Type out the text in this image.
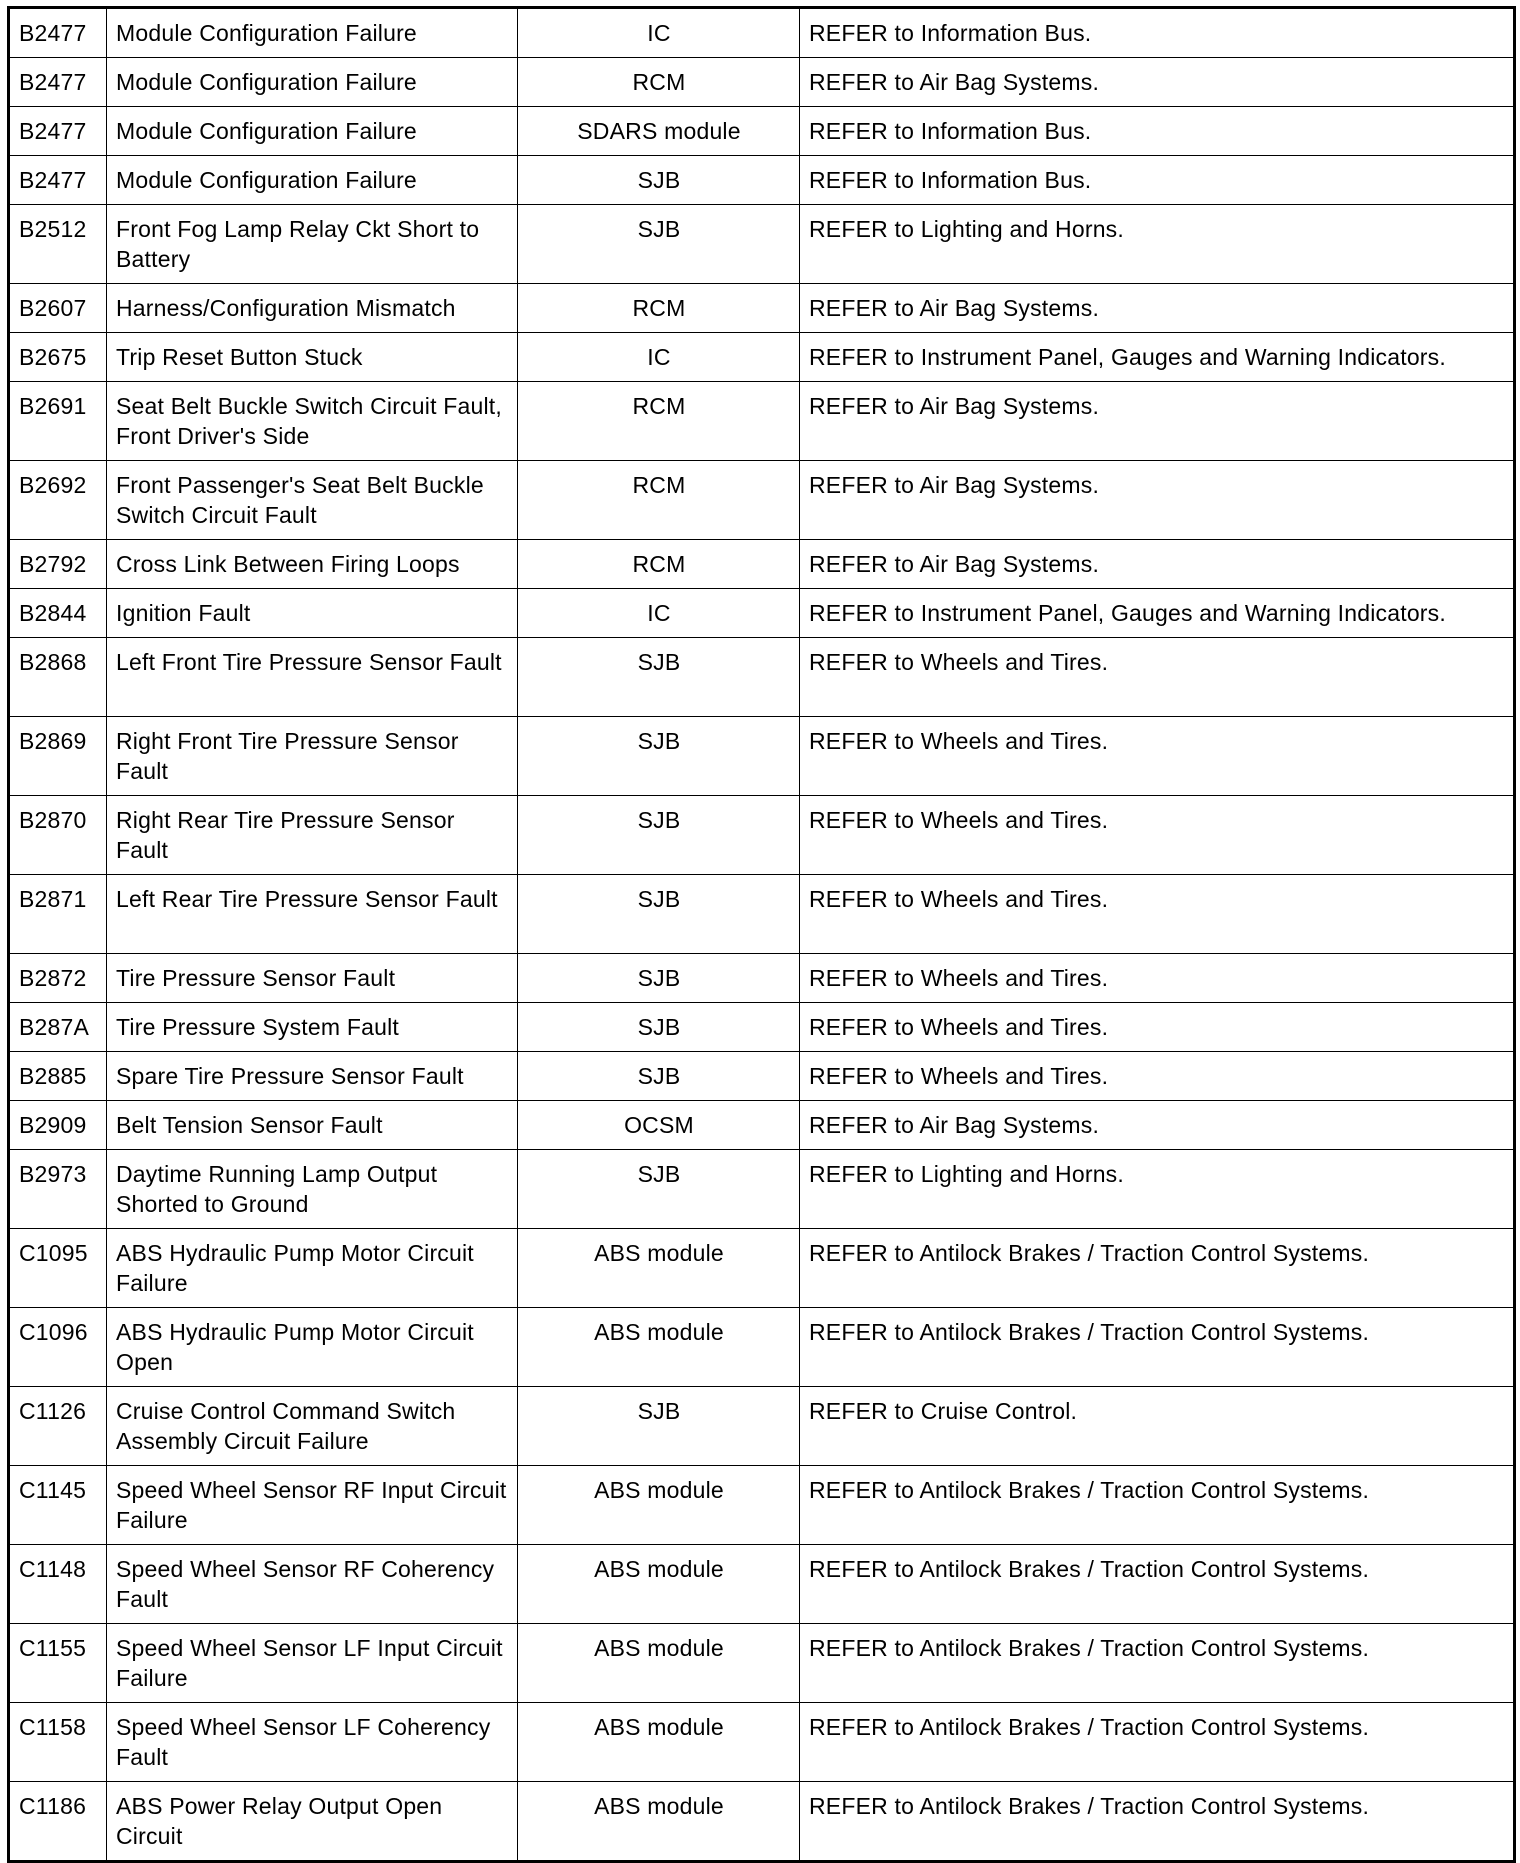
B2477	Module Configuration Failure	IC	REFER to Information Bus.
B2477	Module Configuration Failure	RCM	REFER to Air Bag Systems.
B2477	Module Configuration Failure	SDARS module	REFER to Information Bus.
B2477	Module Configuration Failure	SJB	REFER to Information Bus.
B2512	Front Fog Lamp Relay Ckt Short to Battery	SJB	REFER to Lighting and Horns.
B2607	Harness/Configuration Mismatch	RCM	REFER to Air Bag Systems.
B2675	Trip Reset Button Stuck	IC	REFER to Instrument Panel, Gauges and Warning Indicators.
B2691	Seat Belt Buckle Switch Circuit Fault, Front Driver's Side	RCM	REFER to Air Bag Systems.
B2692	Front Passenger's Seat Belt Buckle Switch Circuit Fault	RCM	REFER to Air Bag Systems.
B2792	Cross Link Between Firing Loops	RCM	REFER to Air Bag Systems.
B2844	Ignition Fault	IC	REFER to Instrument Panel, Gauges and Warning Indicators.
B2868	Left Front Tire Pressure Sensor Fault	SJB	REFER to Wheels and Tires.
B2869	Right Front Tire Pressure Sensor Fault	SJB	REFER to Wheels and Tires.
B2870	Right Rear Tire Pressure Sensor Fault	SJB	REFER to Wheels and Tires.
B2871	Left Rear Tire Pressure Sensor Fault	SJB	REFER to Wheels and Tires.
B2872	Tire Pressure Sensor Fault	SJB	REFER to Wheels and Tires.
B287A	Tire Pressure System Fault	SJB	REFER to Wheels and Tires.
B2885	Spare Tire Pressure Sensor Fault	SJB	REFER to Wheels and Tires.
B2909	Belt Tension Sensor Fault	OCSM	REFER to Air Bag Systems.
B2973	Daytime Running Lamp Output Shorted to Ground	SJB	REFER to Lighting and Horns.
C1095	ABS Hydraulic Pump Motor Circuit Failure	ABS module	REFER to Antilock Brakes / Traction Control Systems.
C1096	ABS Hydraulic Pump Motor Circuit Open	ABS module	REFER to Antilock Brakes / Traction Control Systems.
C1126	Cruise Control Command Switch Assembly Circuit Failure	SJB	REFER to Cruise Control.
C1145	Speed Wheel Sensor RF Input Circuit Failure	ABS module	REFER to Antilock Brakes / Traction Control Systems.
C1148	Speed Wheel Sensor RF Coherency Fault	ABS module	REFER to Antilock Brakes / Traction Control Systems.
C1155	Speed Wheel Sensor LF Input Circuit Failure	ABS module	REFER to Antilock Brakes / Traction Control Systems.
C1158	Speed Wheel Sensor LF Coherency Fault	ABS module	REFER to Antilock Brakes / Traction Control Systems.
C1186	ABS Power Relay Output Open Circuit	ABS module	REFER to Antilock Brakes / Traction Control Systems.
